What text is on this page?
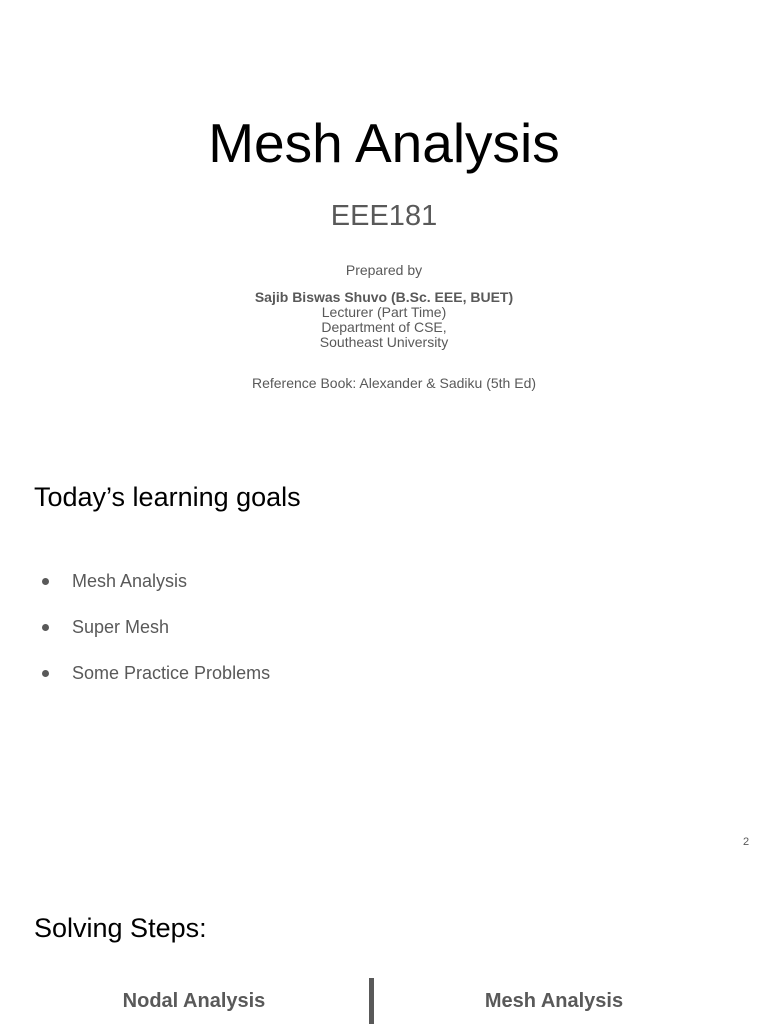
Mesh Analysis
EEE181
Prepared by
Sajib Biswas Shuvo (B.Sc. EEE, BUET)
Lecturer (Part Time)
Department of CSE,
Southeast University
Reference Book: Alexander & Sadiku (5th Ed)
Today’s learning goals
Mesh Analysis
Super Mesh
Some Practice Problems
2
Solving Steps:
Nodal Analysis	Mesh Analysis
